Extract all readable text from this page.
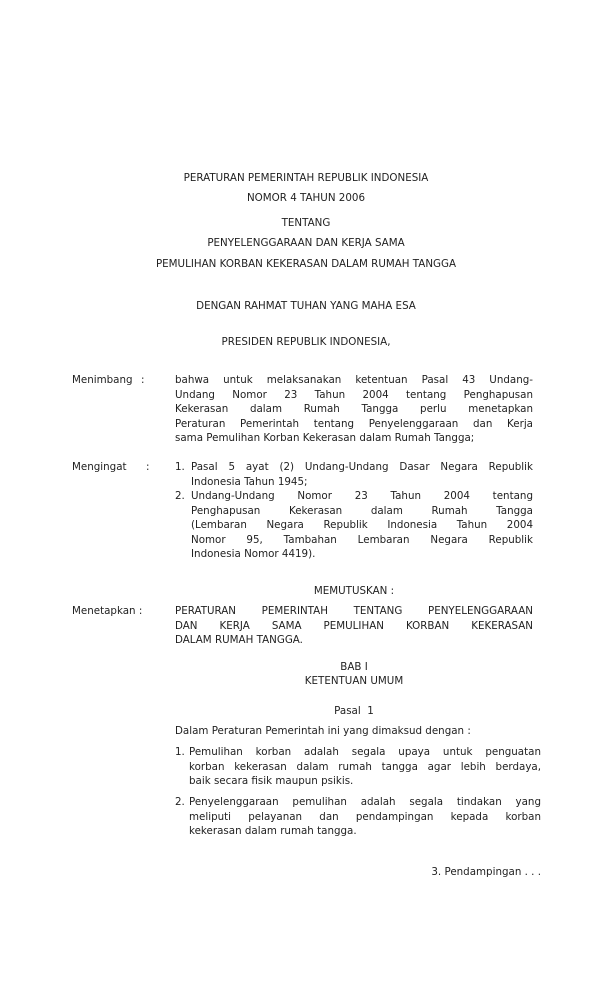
PERATURAN PEMERINTAH REPUBLIK INDONESIA
NOMOR 4 TAHUN 2006
TENTANG
PENYELENGGARAAN DAN KERJA SAMA
PEMULIHAN KORBAN KEKERASAN DALAM RUMAH TANGGA
DENGAN RAHMAT TUHAN YANG MAHA ESA
PRESIDEN REPUBLIK INDONESIA,
Menimbang :	bahwa untuk melaksanakan ketentuan Pasal 43 Undang-
Undang Nomor 23 Tahun 2004 tentang Penghapusan
Kekerasan dalam Rumah Tangga perlu menetapkan
Peraturan Pemerintah tentang Penyelenggaraan dan Kerja
sama Pemulihan Korban Kekerasan dalam Rumah Tangga;
Mengingat : 1. Pasal 5 ayat (2) Undang-Undang Dasar Negara Republik
Indonesia Tahun 1945;
2. Undang-Undang Nomor 23 Tahun 2004 tentang
Penghapusan Kekerasan dalam Rumah Tangga
(Lembaran Negara Republik Indonesia Tahun 2004
Nomor 95, Tambahan Lembaran Negara Republik
Indonesia Nomor 4419).
MEMUTUSKAN :
Menetapkan :	PERATURAN PEMERINTAH TENTANG PENYELENGGARAAN
DAN KERJA SAMA PEMULIHAN KORBAN KEKERASAN
DALAM RUMAH TANGGA.
BAB I
KETENTUAN UMUM
Pasal  1
Dalam Peraturan Pemerintah ini yang dimaksud dengan :
1. Pemulihan korban adalah segala upaya untuk penguatan
korban kekerasan dalam rumah tangga agar lebih berdaya,
baik secara fisik maupun psikis.
2. Penyelenggaraan pemulihan adalah segala tindakan yang
meliputi pelayanan dan pendampingan kepada korban
kekerasan dalam rumah tangga.
3. Pendampingan . . .
